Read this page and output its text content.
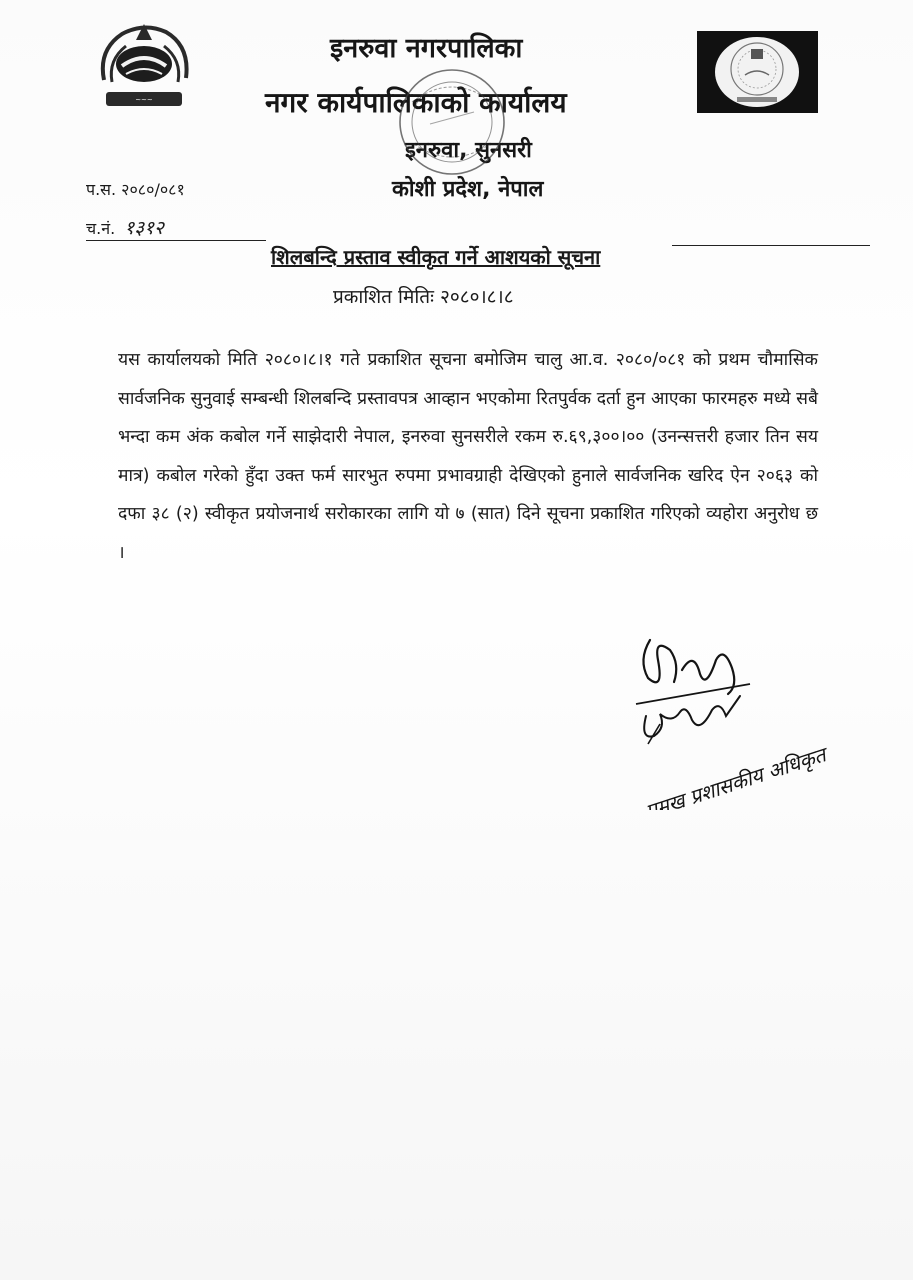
~~~
इनरुवा नगरपालिका
नगर कार्यपालिकाको कार्यालय
इनरुवा, सुनसरी
कोशी प्रदेश, नेपाल
प.स. २०८०/०८१
च.नं. १३१२
शिलबन्दि प्रस्ताव स्वीकृत गर्ने आशयको सूचना
प्रकाशित मितिः २०८०।८।८
यस कार्यालयको मिति २०८०।८।१ गते प्रकाशित सूचना बमोजिम चालु आ.व. २०८०/०८१ को प्रथम चौमासिक सार्वजनिक सुनुवाई सम्बन्धी शिलबन्दि प्रस्तावपत्र आव्हान भएकोमा रितपुर्वक दर्ता हुन आएका फारमहरु मध्ये सबै भन्दा कम अंक कबोल गर्ने साझेदारी नेपाल, इनरुवा सुनसरीले रकम रु.६९,३००।०० (उनन्सत्तरी हजार तिन सय मात्र) कबोल गरेको हुँदा उक्त फर्म सारभुत रुपमा प्रभावग्राही देखिएको हुनाले सार्वजनिक खरिद ऐन २०६३ को दफा ३८ (२) स्वीकृत प्रयोजनार्थ सरोकारका लागि यो ७ (सात) दिने सूचना प्रकाशित गरिएको व्यहोरा अनुरोध छ ।
प्रमुख प्रशासकीय अधिकृत
